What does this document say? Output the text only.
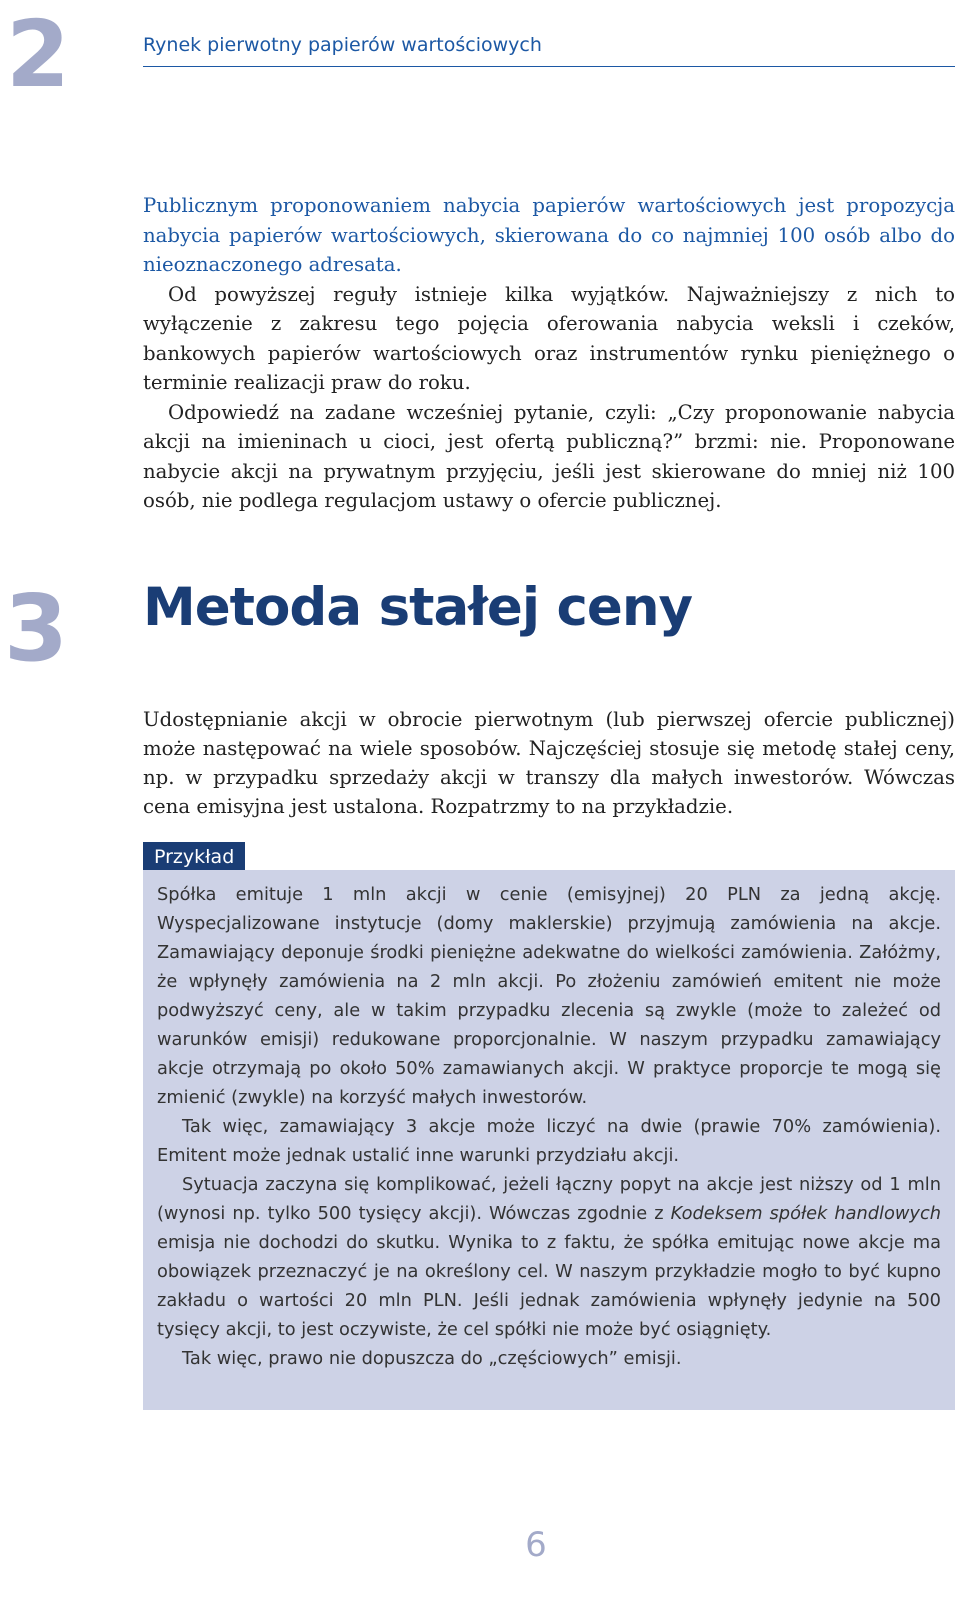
2	Rynek pierwotny papierów wartościowych

Publicznym proponowaniem nabycia papierów wartościowych jest propozycja nabycia papierów wartościowych, skierowana do co najmniej 100 osób albo do nieoznaczonego adresata.

Od powyższej reguły istnieje kilka wyjątków. Najważniejszy z nich to wyłączenie z zakresu tego pojęcia oferowania nabycia weksli i czeków, bankowych papierów wartościowych oraz instrumentów rynku pieniężnego o terminie realizacji praw do roku.

Odpowiedź na zadane wcześniej pytanie, czyli: „Czy proponowanie nabycia akcji na imieninach u cioci, jest ofertą publiczną?” brzmi: nie. Proponowane nabycie akcji na prywatnym przyjęciu, jeśli jest skierowane do mniej niż 100 osób, nie podlega regulacjom ustawy o ofercie publicznej.

3 Metoda stałej ceny

Udostępnianie akcji w obrocie pierwotnym (lub pierwszej ofercie publicznej) może następować na wiele sposobów. Najczęściej stosuje się metodę stałej ceny, np. w przypadku sprzedaży akcji w transzy dla małych inwestorów. Wówczas cena emisyjna jest ustalona. Rozpatrzmy to na przykładzie.

Przykład

Spółka emituje 1 mln akcji w cenie (emisyjnej) 20 PLN za jedną akcję. Wyspecjalizowane instytucje (domy maklerskie) przyjmują zamówienia na akcje. Zamawiający deponuje środki pieniężne adekwatne do wielkości zamówienia. Załóżmy, że wpłynęły zamówienia na 2 mln akcji. Po złożeniu zamówień emitent nie może podwyższyć ceny, ale w takim przypadku zlecenia są zwykle (może to zależeć od warunków emisji) redukowane proporcjonalnie. W naszym przypadku zamawiający akcje otrzymają po około 50% zamawianych akcji. W praktyce proporcje te mogą się zmienić (zwykle) na korzyść małych inwestorów.

Tak więc, zamawiający 3 akcje może liczyć na dwie (prawie 70% zamówienia). Emitent może jednak ustalić inne warunki przydziału akcji.

Sytuacja zaczyna się komplikować, jeżeli łączny popyt na akcje jest niższy od 1 mln (wynosi np. tylko 500 tysięcy akcji). Wówczas zgodnie z Kodeksem spółek handlowych emisja nie dochodzi do skutku. Wynika to z faktu, że spółka emitując nowe akcje ma obowiązek przeznaczyć je na określony cel. W naszym przykładzie mogło to być kupno zakładu o wartości 20 mln PLN. Jeśli jednak zamówienia wpłynęły jedynie na 500 tysięcy akcji, to jest oczywiste, że cel spółki nie może być osiągnięty.

Tak więc, prawo nie dopuszcza do „częściowych” emisji.

6
